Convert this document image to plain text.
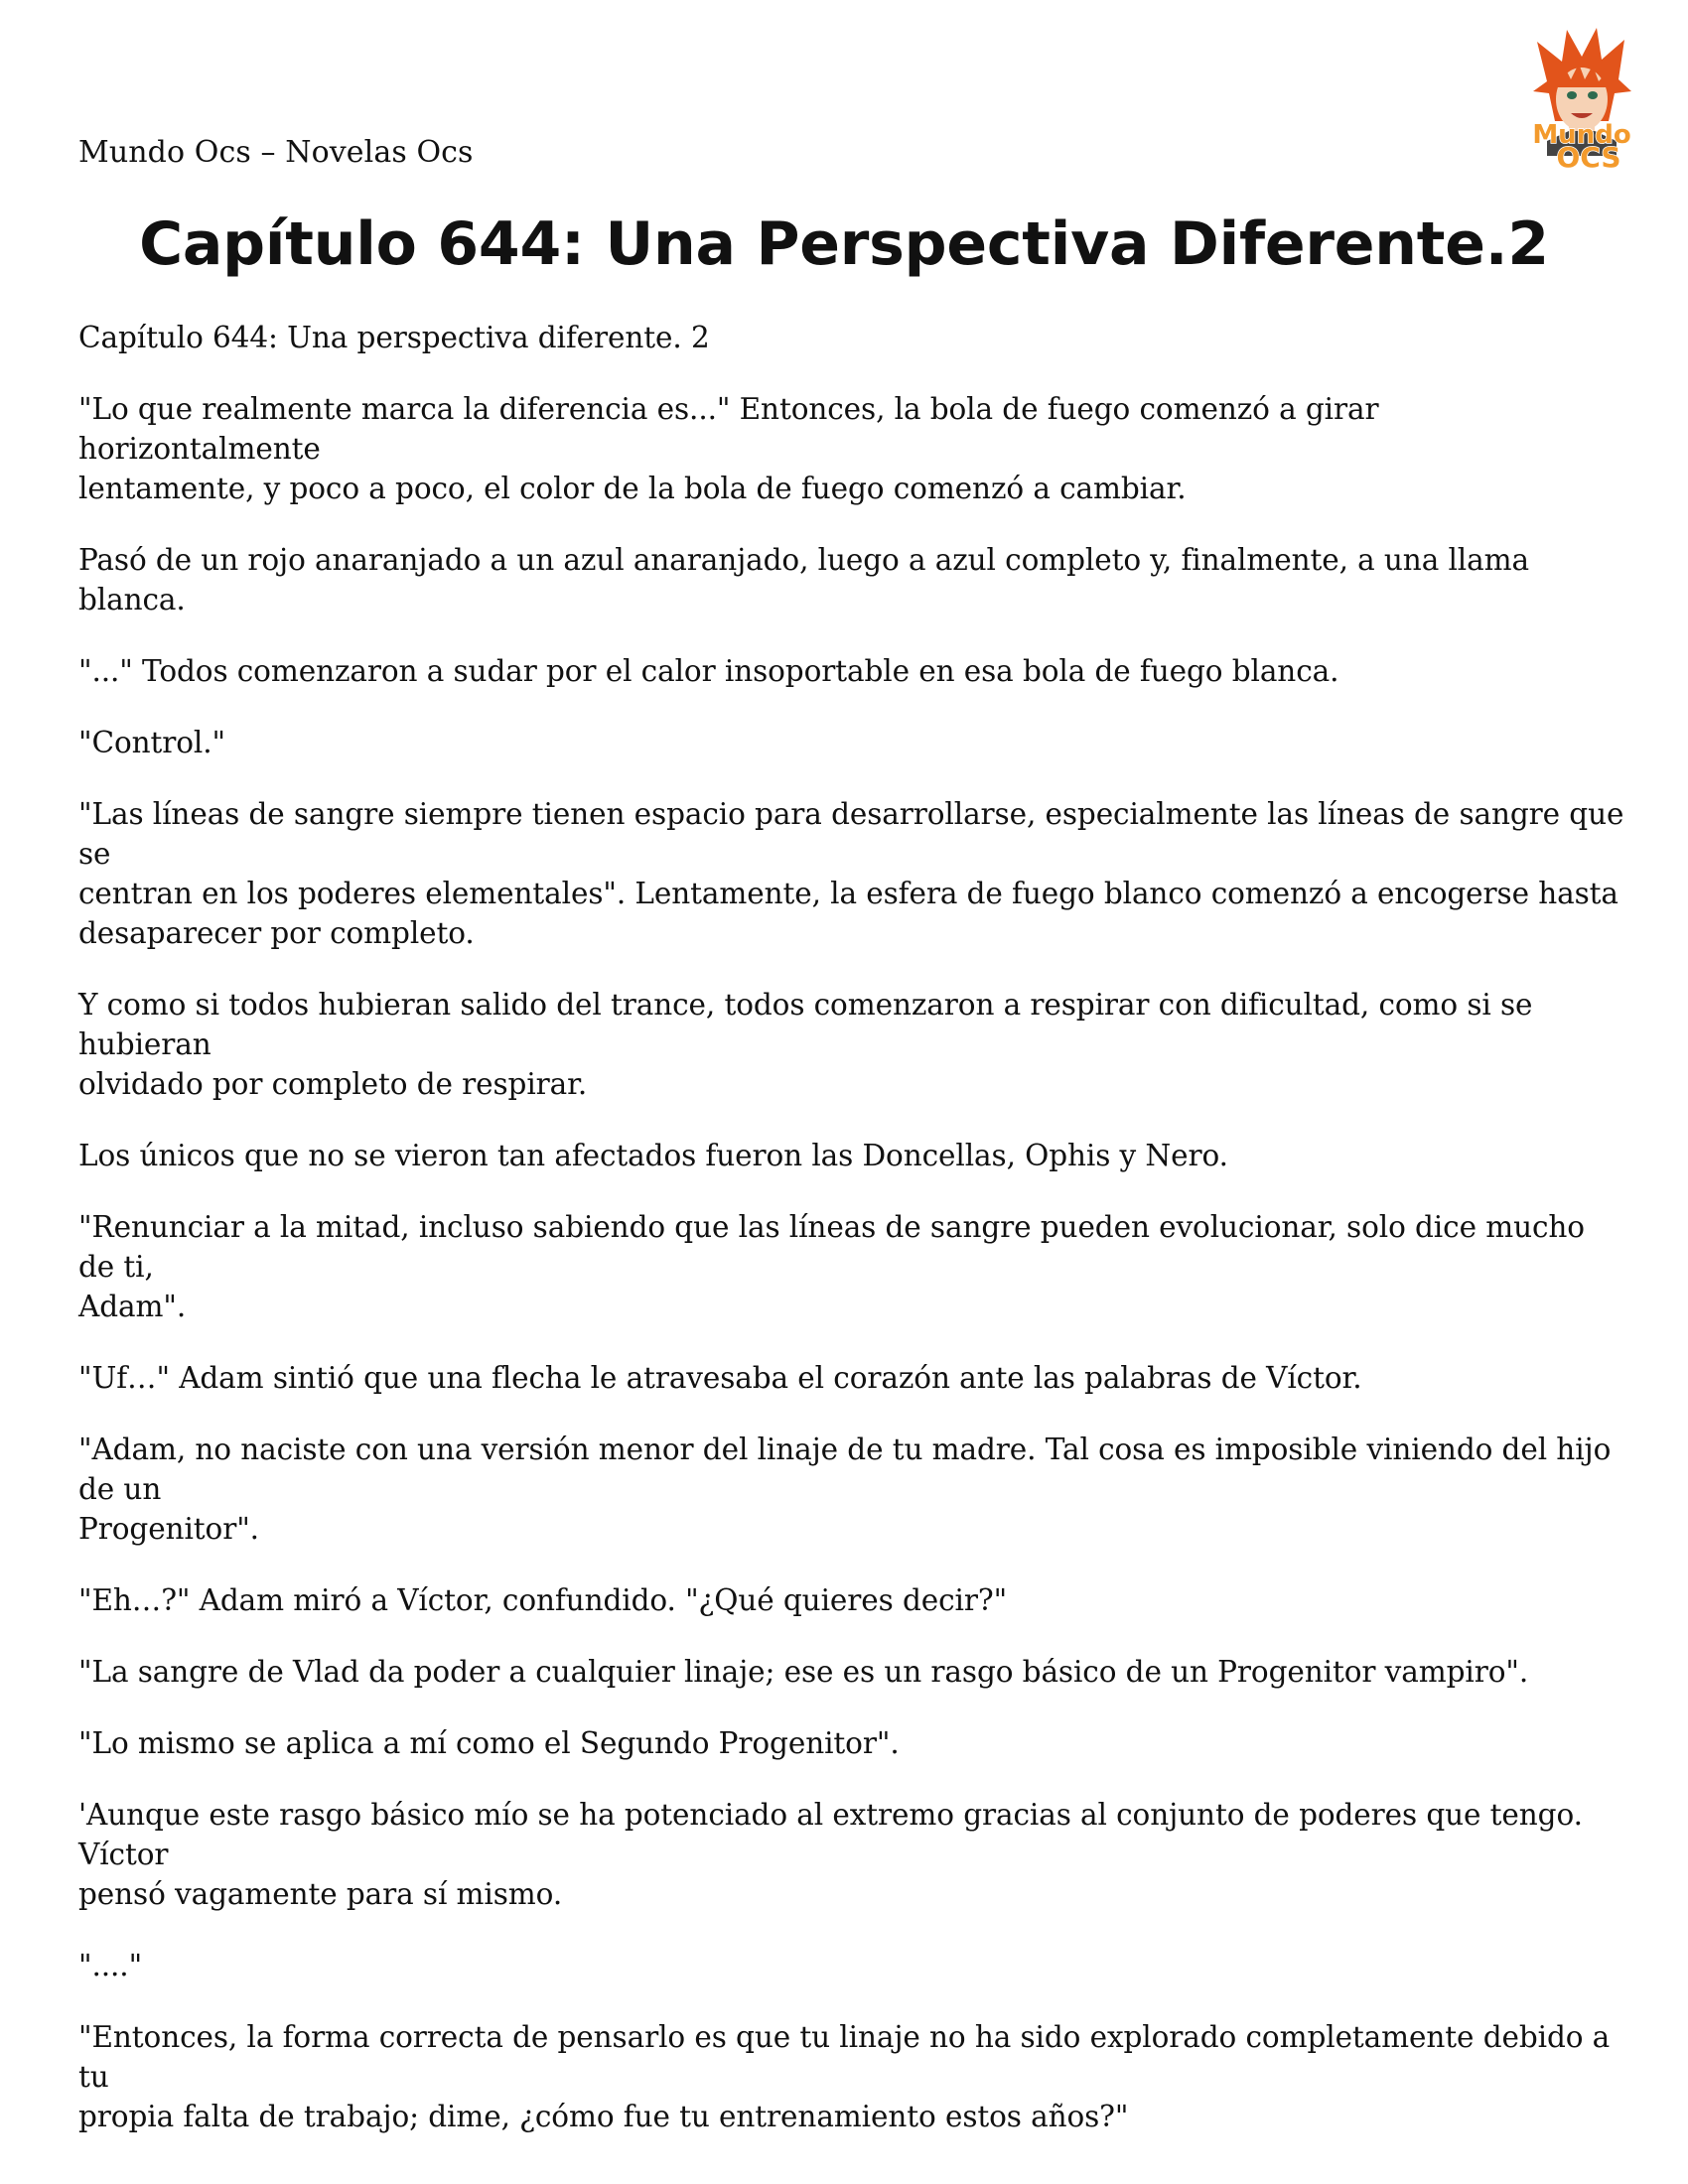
Mundo Ocs – Novelas Ocs	Mundo
OCS
Capítulo 644: Una Perspectiva Diferente.2

Capítulo 644: Una perspectiva diferente. 2

"Lo que realmente marca la diferencia es..." Entonces, la bola de fuego comenzó a girar horizontalmente
lentamente, y poco a poco, el color de la bola de fuego comenzó a cambiar.

Pasó de un rojo anaranjado a un azul anaranjado, luego a azul completo y, finalmente, a una llama blanca.

"..." Todos comenzaron a sudar por el calor insoportable en esa bola de fuego blanca.

"Control."

"Las líneas de sangre siempre tienen espacio para desarrollarse, especialmente las líneas de sangre que se
centran en los poderes elementales". Lentamente, la esfera de fuego blanco comenzó a encogerse hasta
desaparecer por completo.

Y como si todos hubieran salido del trance, todos comenzaron a respirar con dificultad, como si se hubieran
olvidado por completo de respirar.

Los únicos que no se vieron tan afectados fueron las Doncellas, Ophis y Nero.

"Renunciar a la mitad, incluso sabiendo que las líneas de sangre pueden evolucionar, solo dice mucho de ti,
Adam".

"Uf…" Adam sintió que una flecha le atravesaba el corazón ante las palabras de Víctor.

"Adam, no naciste con una versión menor del linaje de tu madre. Tal cosa es imposible viniendo del hijo de un
Progenitor".

"Eh…?" Adam miró a Víctor, confundido. "¿Qué quieres decir?"

"La sangre de Vlad da poder a cualquier linaje; ese es un rasgo básico de un Progenitor vampiro".

"Lo mismo se aplica a mí como el Segundo Progenitor".

'Aunque este rasgo básico mío se ha potenciado al extremo gracias al conjunto de poderes que tengo. Víctor
pensó vagamente para sí mismo.

"...."

"Entonces, la forma correcta de pensarlo es que tu linaje no ha sido explorado completamente debido a tu
propia falta de trabajo; dime, ¿cómo fue tu entrenamiento estos años?"
